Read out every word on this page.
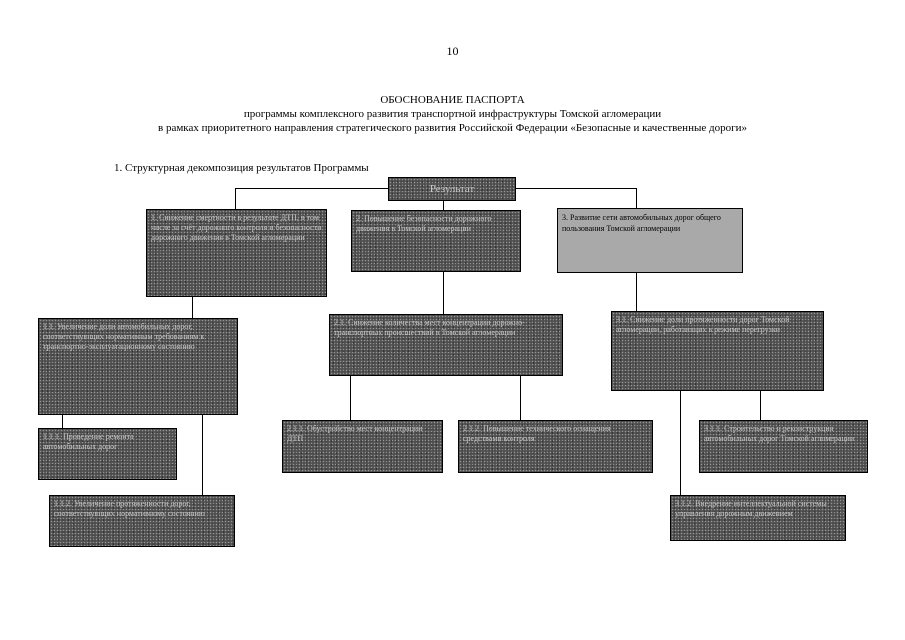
10
ОБОСНОВАНИЕ ПАСПОРТА
программы комплексного развития транспортной инфраструктуры Томской агломерации
в рамках приоритетного направления стратегического развития Российской Федерации «Безопасные и качественные дороги»
1. Структурная декомпозиция результатов Программы
Результат
1. Снижение смертности в результате ДТП, в том числе за счёт дорожного контроля и безопасности дорожного движения в Томской агломерации
2. Повышение безопасности дорожного движения в Томской агломерации
3. Развитие сети автомобильных дорог общего пользования Томской агломерации
1.1. Увеличение доли автомобильных дорог, соответствующих нормативным требованиям к транспортно-эксплуатационному состоянию
2.1. Снижение количества мест концентрации дорожно-транспортных происшествий в Томской агломерации
3.1. Снижение доли протяженности дорог Томской агломерации, работающих в режиме перегрузки
1.1.1. Проведение ремонта автомобильных дорог
1.1.2. Увеличение протяженности дорог, соответствующих нормативному состоянию
2.1.1. Обустройство мест концентрации ДТП
2.1.2. Повышение технического оснащения средствами контроля
3.1.1. Строительство и реконструкция автомобильных дорог Томской агломерации
3.1.2. Внедрение интеллектуальной системы управления дорожным движением
